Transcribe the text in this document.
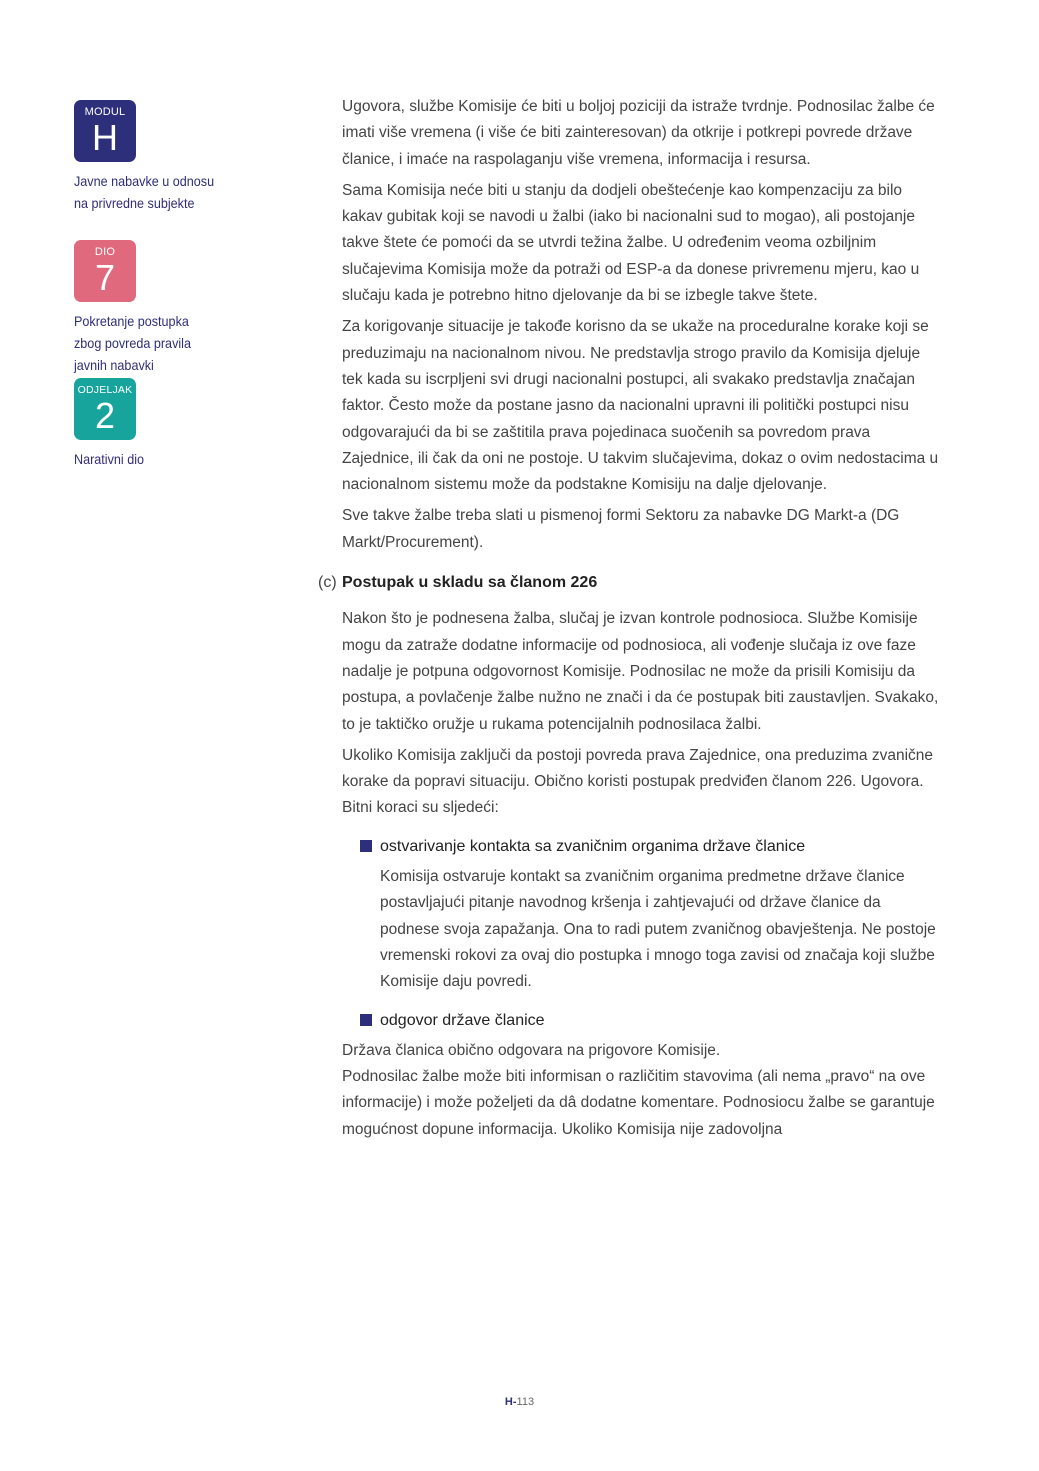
MODUL
H
Javne nabavke u odnosu na privredne subjekte
DIO
7
Pokretanje postupka zbog povreda pravila javnih nabavki
ODJELJAK
2
Narativni dio

Ugovora, službe Komisije će biti u boljoj poziciji da istraže tvrdnje. Podnosilac žalbe će imati više vremena (i više će biti zainteresovan) da otkrije i potkrepi povrede države članice, i imaće na raspolaganju više vremena, informacija i resursa.

Sama Komisija neće biti u stanju da dodjeli obeštećenje kao kompenzaciju za bilo kakav gubitak koji se navodi u žalbi (iako bi nacionalni sud to mogao), ali postojanje takve štete će pomoći da se utvrdi težina žalbe. U određenim veoma ozbiljnim slučajevima Komisija može da potraži od ESP-a da donese privremenu mjeru, kao u slučaju kada je potrebno hitno djelovanje da bi se izbegle takve štete.

Za korigovanje situacije je takođe korisno da se ukaže na proceduralne korake koji se preduzimaju na nacionalnom nivou. Ne predstavlja strogo pravilo da Komisija djeluje tek kada su iscrpljeni svi drugi nacionalni postupci, ali svakako predstavlja značajan faktor. Često može da postane jasno da nacionalni upravni ili politički postupci nisu odgovarajući da bi se zaštitila prava pojedinaca suočenih sa povredom prava Zajednice, ili čak da oni ne postoje. U takvim slučajevima, dokaz o ovim nedostacima u nacionalnom sistemu može da podstakne Komisiju na dalje djelovanje.

Sve takve žalbe treba slati u pismenoj formi Sektoru za nabavke DG Markt-a (DG Markt/Procurement).

(c) Postupak u skladu sa članom 226

Nakon što je podnesena žalba, slučaj je izvan kontrole podnosioca. Službe Komisije mogu da zatraže dodatne informacije od podnosioca, ali vođenje slučaja iz ove faze nadalje je potpuna odgovornost Komisije. Podnosilac ne može da prisili Komisiju da postupa, a povlačenje žalbe nužno ne znači i da će postupak biti zaustavljen. Svakako, to je taktičko oružje u rukama potencijalnih podnosilaca žalbi.

Ukoliko Komisija zaključi da postoji povreda prava Zajednice, ona preduzima zvanične korake da popravi situaciju. Obično koristi postupak predviđen članom 226. Ugovora. Bitni koraci su sljedeći:

ostvarivanje kontakta sa zvaničnim organima države članice

Komisija ostvaruje kontakt sa zvaničnim organima predmetne države članice postavljajući pitanje navodnog kršenja i zahtjevajući od države članice da podnese svoja zapažanja. Ona to radi putem zvaničnog obavještenja. Ne postoje vremenski rokovi za ovaj dio postupka i mnogo toga zavisi od značaja koji službe Komisije daju povredi.

odgovor države članice

Država članica obično odgovara na prigovore Komisije.

Podnosilac žalbe može biti informisan o različitim stavovima (ali nema „pravo“ na ove informacije) i može poželjeti da dâ dodatne komentare. Podnosiocu žalbe se garantuje mogućnost dopune informacija. Ukoliko Komisija nije zadovoljna

H-113
